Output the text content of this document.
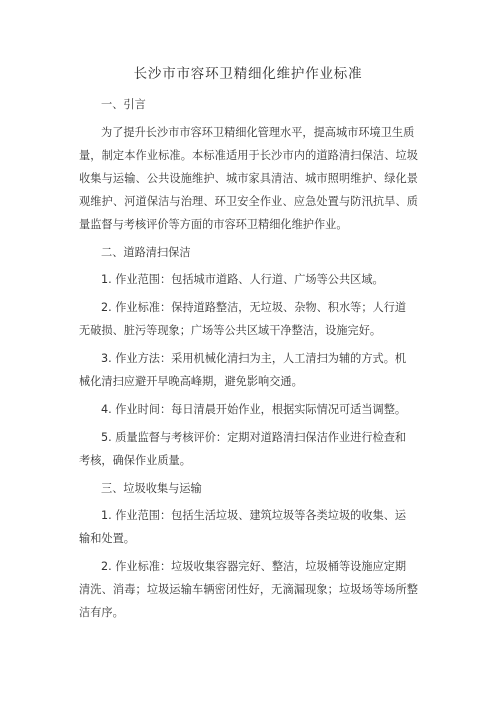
长沙市市容环卫精细化维护作业标准
一、引言
为了提升长沙市市容环卫精细化管理水平，提高城市环境卫生质
量，制定本作业标准。本标准适用于长沙市内的道路清扫保洁、垃圾
收集与运输、公共设施维护、城市家具清洁、城市照明维护、绿化景
观维护、河道保洁与治理、环卫安全作业、应急处置与防汛抗旱、质
量监督与考核评价等方面的市容环卫精细化维护作业。
二、道路清扫保洁
1. 作业范围：包括城市道路、人行道、广场等公共区域。
2. 作业标准：保持道路整洁，无垃圾、杂物、积水等；人行道
无破损、脏污等现象；广场等公共区域干净整洁，设施完好。
3. 作业方法：采用机械化清扫为主，人工清扫为辅的方式。机
械化清扫应避开早晚高峰期，避免影响交通。
4. 作业时间：每日清晨开始作业，根据实际情况可适当调整。
5. 质量监督与考核评价：定期对道路清扫保洁作业进行检查和
考核，确保作业质量。
三、垃圾收集与运输
1. 作业范围：包括生活垃圾、建筑垃圾等各类垃圾的收集、运
输和处置。
2. 作业标准：垃圾收集容器完好、整洁，垃圾桶等设施应定期
清洗、消毒；垃圾运输车辆密闭性好，无滴漏现象；垃圾场等场所整
洁有序。
